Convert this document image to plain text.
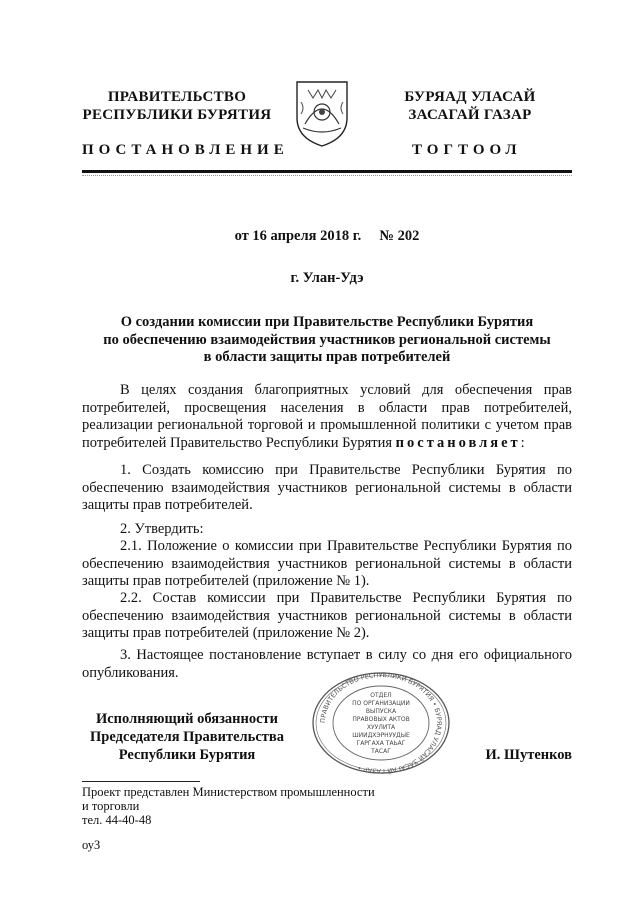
ПРАВИТЕЛЬСТВО
РЕСПУБЛИКИ БУРЯТИЯ
БУРЯАД УЛАСАЙ
ЗАСАГАЙ ГАЗАР
ПОСТАНОВЛЕНИЕ	ТОГТООЛ
от 16 апреля 2018 г.     № 202
г. Улан-Удэ
О создании комиссии при Правительстве Республики Бурятия
по обеспечению взаимодействия участников региональной системы
в области защиты прав потребителей
В целях создания благоприятных условий для обеспечения прав потребителей, просвещения населения в области прав потребителей, реализации региональной торговой и промышленной политики с учетом прав потребителей Правительство Республики Бурятия постановляет:
1. Создать комиссию при Правительстве Республики Бурятия по обеспечению взаимодействия участников региональной системы в области защиты прав потребителей.
2. Утвердить:
2.1. Положение о комиссии при Правительстве Республики Бурятия по обеспечению взаимодействия участников региональной системы в области защиты прав потребителей (приложение № 1).
2.2. Состав комиссии при Правительстве Республики Бурятия по обеспечению взаимодействия участников региональной системы в области защиты прав потребителей (приложение № 2).
3. Настоящее постановление вступает в силу со дня его официального опубликования.
ПРАВИТЕЛЬСТВО РЕСПУБЛИКИ БУРЯТИЯ • БУРЯАД УЛАСАЙ ЗАСАГАЙ ГАЗАР •
ОТДЕЛ
ПО ОРГАНИЗАЦИИ
ВЫПУСКА
ПРАВОВЫХ АКТОВ
ХУУЛИТА
ШИИДХЭРНУУДЫЕ
ГАРГАХА ТАЬАГ
ТАСАГ
Исполняющий обязанности
Председателя Правительства
Республики Бурятия	И. Шутенков
Проект представлен Министерством промышленности
и торговли
тел. 44-40-48
оуЗ
